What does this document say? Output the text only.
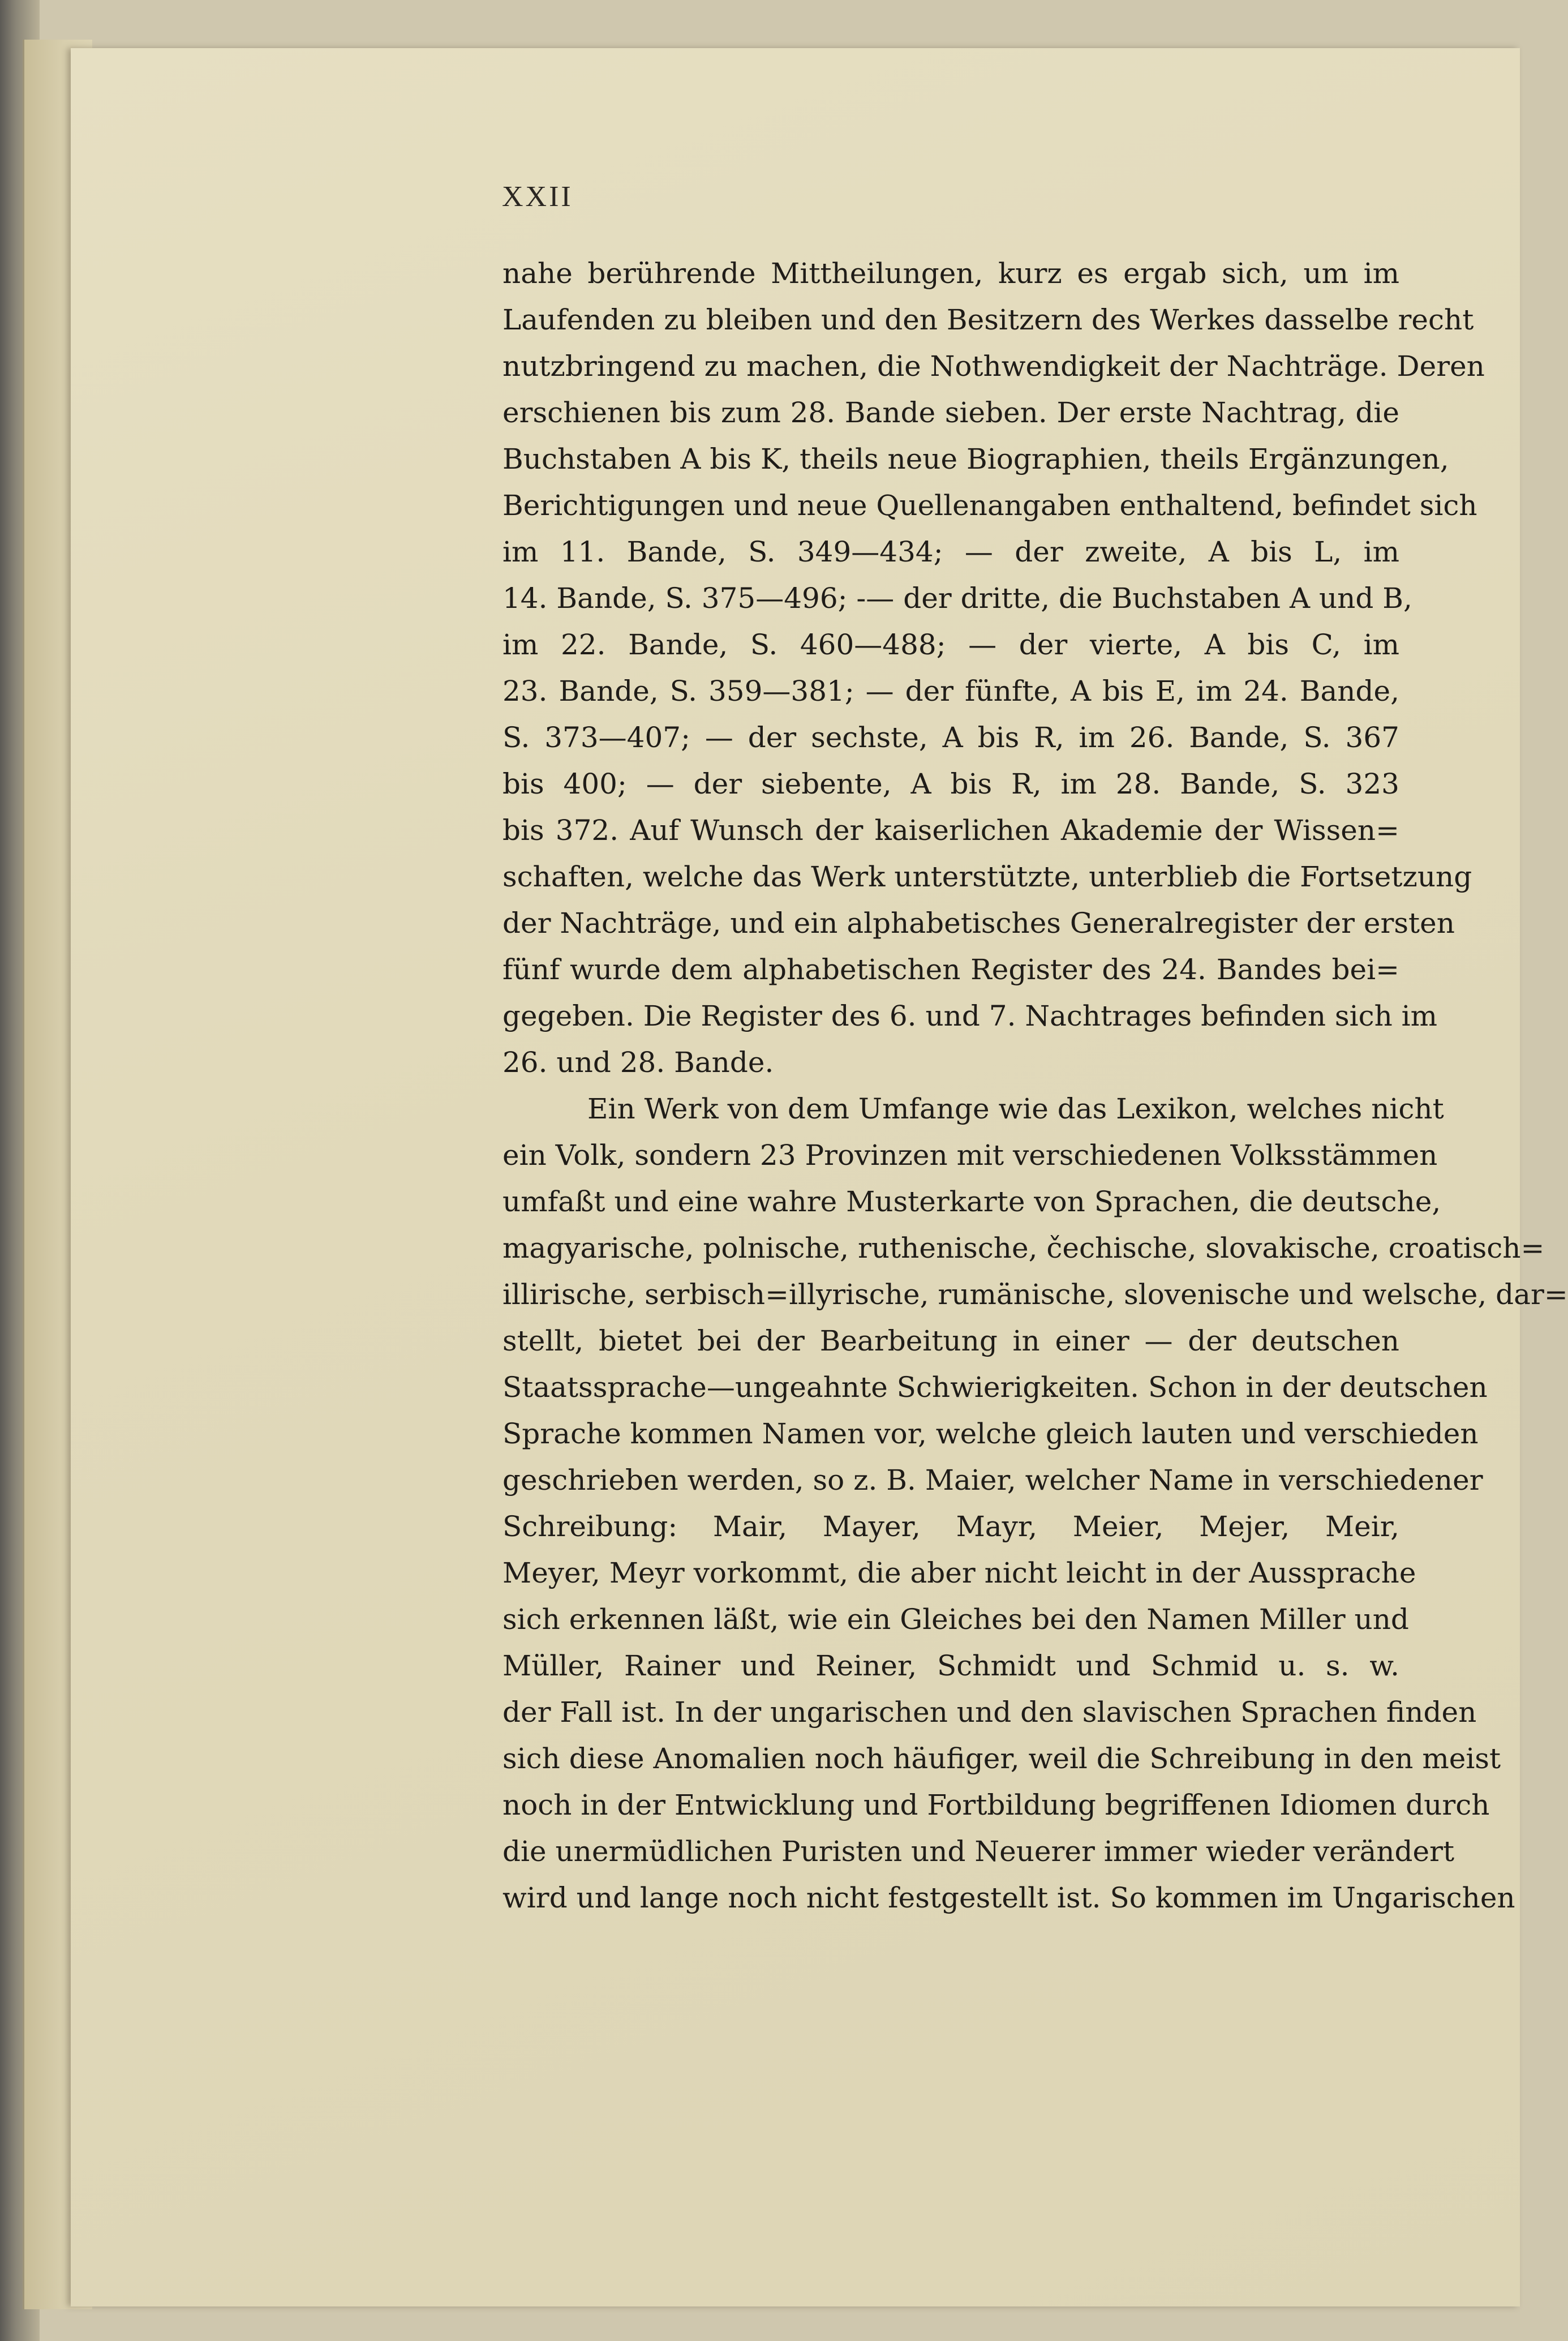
XXII
nahe berührende Mittheilungen, kurz es ergab sich, um im
Laufenden zu bleiben und den Besitzern des Werkes dasselbe recht
nutzbringend zu machen, die Nothwendigkeit der Nachträge. Deren
erschienen bis zum 28. Bande sieben. Der erste Nachtrag, die
Buchstaben A bis K, theils neue Biographien, theils Ergänzungen,
Berichtigungen und neue Quellenangaben enthaltend, befindet sich
im 11. Bande, S. 349—434; — der zweite, A bis L, im
14. Bande, S. 375—496; -— der dritte, die Buchstaben A und B,
im 22. Bande, S. 460—488; — der vierte, A bis C, im
23. Bande, S. 359—381; — der fünfte, A bis E, im 24. Bande,
S. 373—407; — der sechste, A bis R, im 26. Bande, S. 367
bis 400; — der siebente, A bis R, im 28. Bande, S. 323
bis 372. Auf Wunsch der kaiserlichen Akademie der Wissen=
schaften, welche das Werk unterstützte, unterblieb die Fortsetzung
der Nachträge, und ein alphabetisches Generalregister der ersten
fünf wurde dem alphabetischen Register des 24. Bandes bei=
gegeben. Die Register des 6. und 7. Nachtrages befinden sich im
26. und 28. Bande.
Ein Werk von dem Umfange wie das Lexikon, welches nicht
ein Volk, sondern 23 Provinzen mit verschiedenen Volksstämmen
umfaßt und eine wahre Musterkarte von Sprachen, die deutsche,
magyarische, polnische, ruthenische, čechische, slovakische, croatisch=
illirische, serbisch=illyrische, rumänische, slovenische und welsche, dar=
stellt, bietet bei der Bearbeitung in einer — der deutschen
Staatssprache—ungeahnte Schwierigkeiten. Schon in der deutschen
Sprache kommen Namen vor, welche gleich lauten und verschieden
geschrieben werden, so z. B. Maier, welcher Name in verschiedener
Schreibung: Mair, Mayer, Mayr, Meier, Mejer, Meir,
Meyer, Meyr vorkommt, die aber nicht leicht in der Aussprache
sich erkennen läßt, wie ein Gleiches bei den Namen Miller und
Müller, Rainer und Reiner, Schmidt und Schmid u. s. w.
der Fall ist. In der ungarischen und den slavischen Sprachen finden
sich diese Anomalien noch häufiger, weil die Schreibung in den meist
noch in der Entwicklung und Fortbildung begriffenen Idiomen durch
die unermüdlichen Puristen und Neuerer immer wieder verändert
wird und lange noch nicht festgestellt ist. So kommen im Ungarischen
